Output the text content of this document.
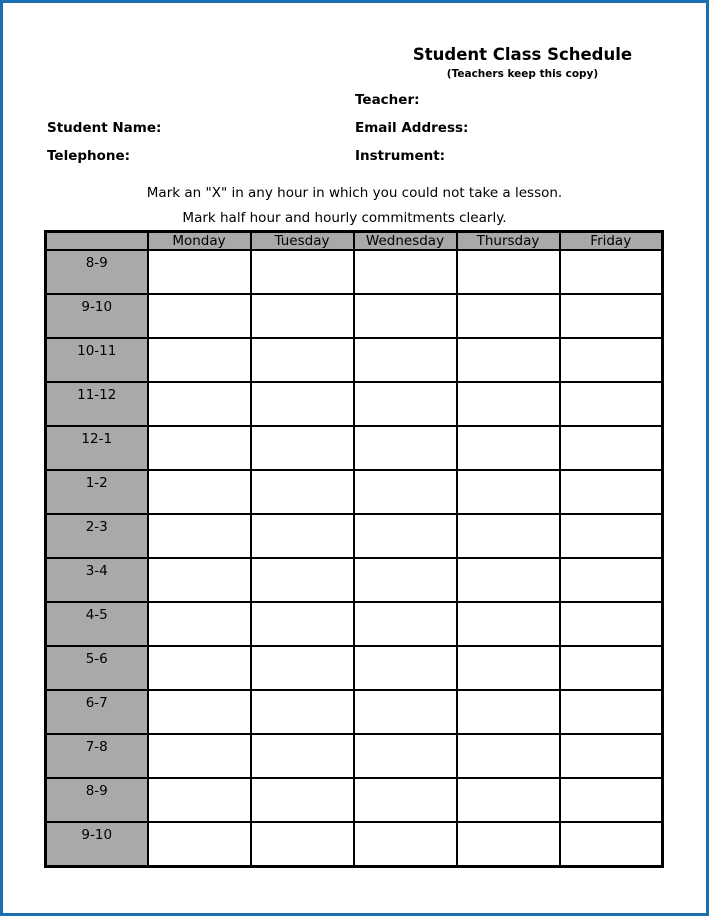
Student Class Schedule
(Teachers keep this copy)
Teacher:
Student Name:	Email Address:
Telephone:	Instrument:
Mark an "X" in any hour in which you could not take a lesson.
Mark half hour and hourly commitments clearly.
	Monday	Tuesday	Wednesday	Thursday	Friday
8-9					
9-10					
10-11					
11-12					
12-1					
1-2					
2-3					
3-4					
4-5					
5-6					
6-7					
7-8					
8-9					
9-10					
